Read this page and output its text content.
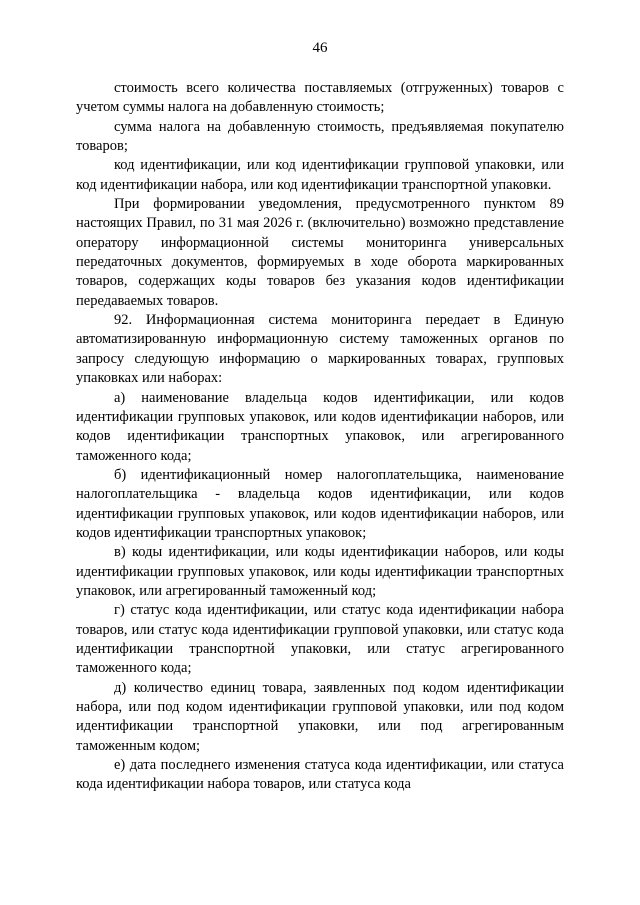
46

стоимость всего количества поставляемых (отгруженных) товаров с учетом суммы налога на добавленную стоимость;

сумма налога на добавленную стоимость, предъявляемая покупателю товаров;

код идентификации, или код идентификации групповой упаковки, или код идентификации набора, или код идентификации транспортной упаковки.

При формировании уведомления, предусмотренного пунктом 89 настоящих Правил, по 31 мая 2026 г. (включительно) возможно представление оператору информационной системы мониторинга универсальных передаточных документов, формируемых в ходе оборота маркированных товаров, содержащих коды товаров без указания кодов идентификации передаваемых товаров.

92. Информационная система мониторинга передает в Единую автоматизированную информационную систему таможенных органов по запросу следующую информацию о маркированных товарах, групповых упаковках или наборах:

а) наименование владельца кодов идентификации, или кодов идентификации групповых упаковок, или кодов идентификации наборов, или кодов идентификации транспортных упаковок, или агрегированного таможенного кода;

б) идентификационный номер налогоплательщика, наименование налогоплательщика - владельца кодов идентификации, или кодов идентификации групповых упаковок, или кодов идентификации наборов, или кодов идентификации транспортных упаковок;

в) коды идентификации, или коды идентификации наборов, или коды идентификации групповых упаковок, или коды идентификации транспортных упаковок, или агрегированный таможенный код;

г) статус кода идентификации, или статус кода идентификации набора товаров, или статус кода идентификации групповой упаковки, или статус кода идентификации транспортной упаковки, или статус агрегированного таможенного кода;

д) количество единиц товара, заявленных под кодом идентификации набора, или под кодом идентификации групповой упаковки, или под кодом идентификации транспортной упаковки, или под агрегированным таможенным кодом;

е) дата последнего изменения статуса кода идентификации, или статуса кода идентификации набора товаров, или статуса кода
